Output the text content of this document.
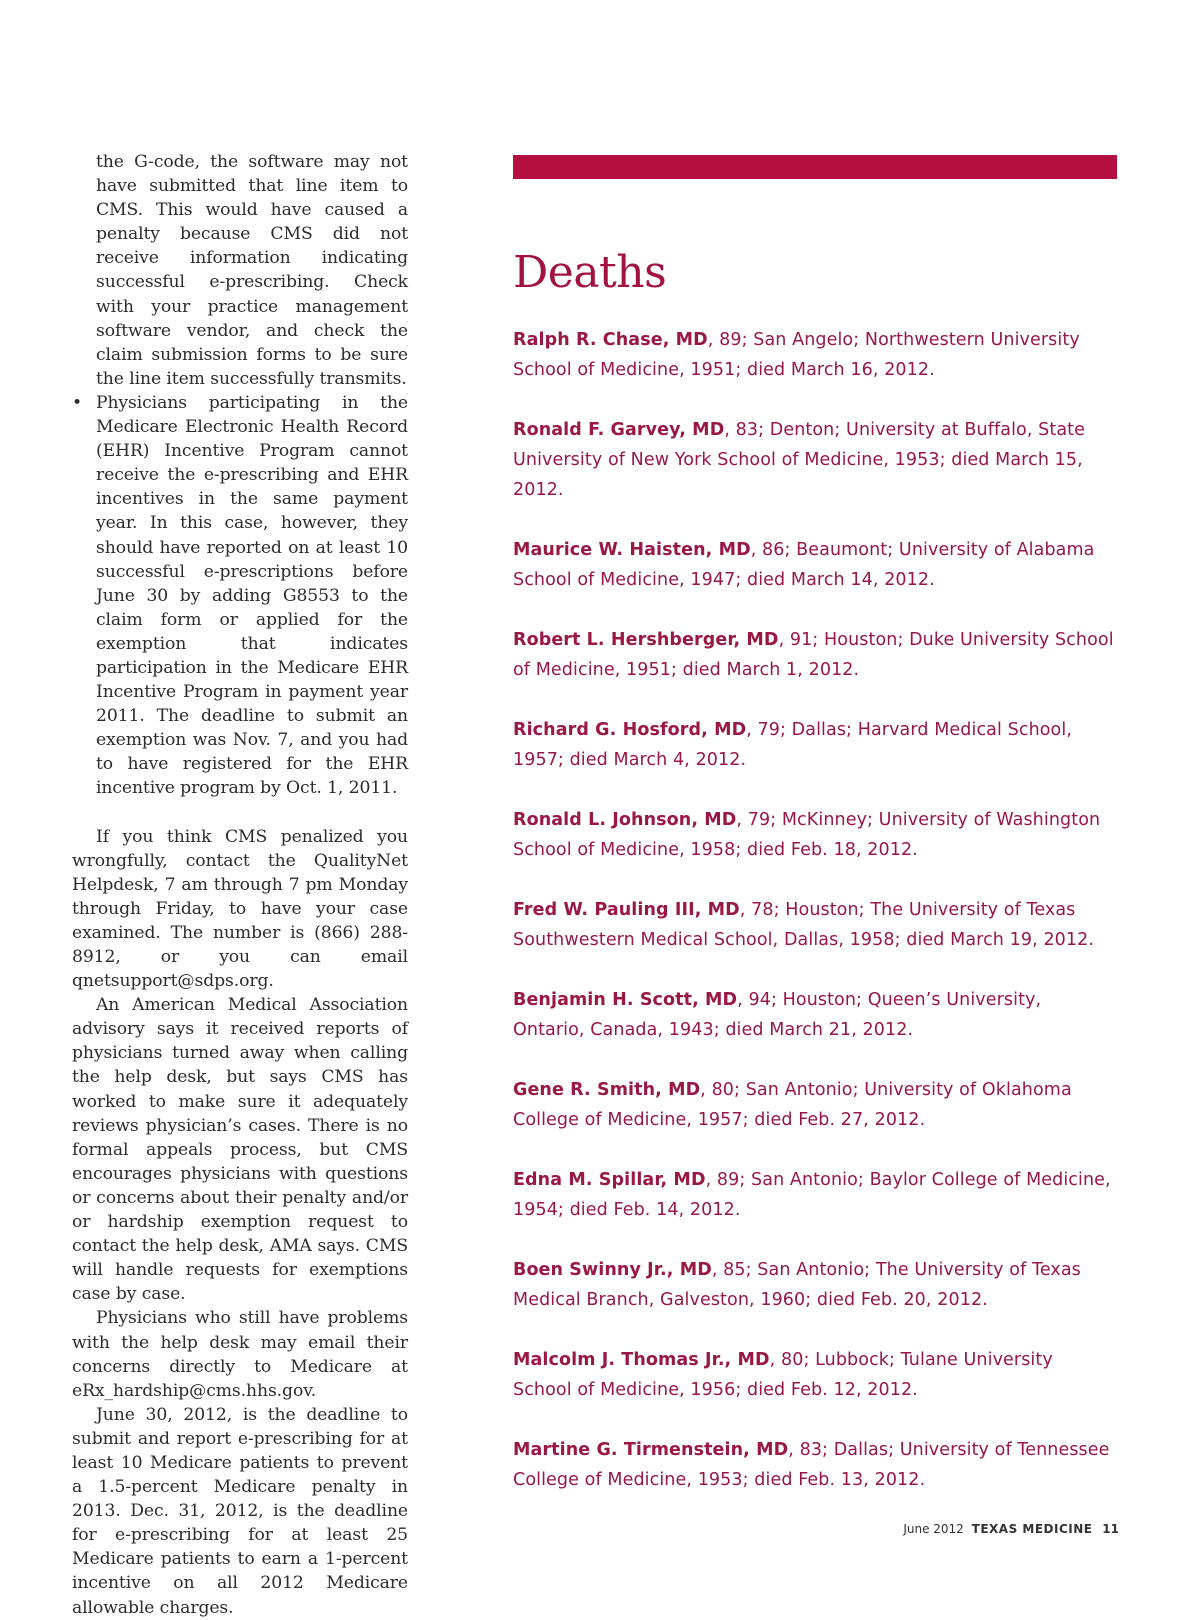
the G-code, the software may not have submitted that line item to CMS. This would have caused a penalty because CMS did not receive information indicating successful e-prescribing. Check with your practice management software vendor, and check the claim submission forms to be sure the line item successfully transmits.

• Physicians participating in the Medicare Electronic Health Record (EHR) Incentive Program cannot receive the e-prescribing and EHR incentives in the same payment year. In this case, however, they should have reported on at least 10 successful e-prescriptions before June 30 by adding G8553 to the claim form or applied for the exemption that indicates participation in the Medicare EHR Incentive Program in payment year 2011. The deadline to submit an exemption was Nov. 7, and you had to have registered for the EHR incentive program by Oct. 1, 2011.

If you think CMS penalized you wrongfully, contact the QualityNet Helpdesk, 7 am through 7 pm Monday through Friday, to have your case examined. The number is (866) 288-8912, or you can email qnetsupport@sdps.org.

An American Medical Association advisory says it received reports of physicians turned away when calling the help desk, but says CMS has worked to make sure it adequately reviews physician’s cases. There is no formal appeals process, but CMS encourages physicians with questions or concerns about their penalty and/or or hardship exemption request to contact the help desk, AMA says. CMS will handle requests for exemptions case by case.

Physicians who still have problems with the help desk may email their concerns directly to Medicare at eRx_hardship@cms.hhs.gov.

June 30, 2012, is the deadline to submit and report e-prescribing for at least 10 Medicare patients to prevent a 1.5-percent Medicare penalty in 2013. Dec. 31, 2012, is the deadline for e-prescribing for at least 25 Medicare patients to earn a 1-percent incentive on all 2012 Medicare allowable charges.

Deaths

Ralph R. Chase, MD, 89; San Angelo; Northwestern University School of Medicine, 1951; died March 16, 2012.

Ronald F. Garvey, MD, 83; Denton; University at Buffalo, State University of New York School of Medicine, 1953; died March 15, 2012.

Maurice W. Haisten, MD, 86; Beaumont; University of Alabama School of Medicine, 1947; died March 14, 2012.

Robert L. Hershberger, MD, 91; Houston; Duke University School of Medicine, 1951; died March 1, 2012.

Richard G. Hosford, MD, 79; Dallas; Harvard Medical School, 1957; died March 4, 2012.

Ronald L. Johnson, MD, 79; McKinney; University of Washington School of Medicine, 1958; died Feb. 18, 2012.

Fred W. Pauling III, MD, 78; Houston; The University of Texas Southwestern Medical School, Dallas, 1958; died March 19, 2012.

Benjamin H. Scott, MD, 94; Houston; Queen’s University, Ontario, Canada, 1943; died March 21, 2012.

Gene R. Smith, MD, 80; San Antonio; University of Oklahoma College of Medicine, 1957; died Feb. 27, 2012.

Edna M. Spillar, MD, 89; San Antonio; Baylor College of Medicine, 1954; died Feb. 14, 2012.

Boen Swinny Jr., MD, 85; San Antonio; The University of Texas Medical Branch, Galveston, 1960; died Feb. 20, 2012.

Malcolm J. Thomas Jr., MD, 80; Lubbock; Tulane University School of Medicine, 1956; died Feb. 12, 2012.

Martine G. Tirmenstein, MD, 83; Dallas; University of Tennessee College of Medicine, 1953; died Feb. 13, 2012.

June 2012 TEXAS MEDICINE 11
